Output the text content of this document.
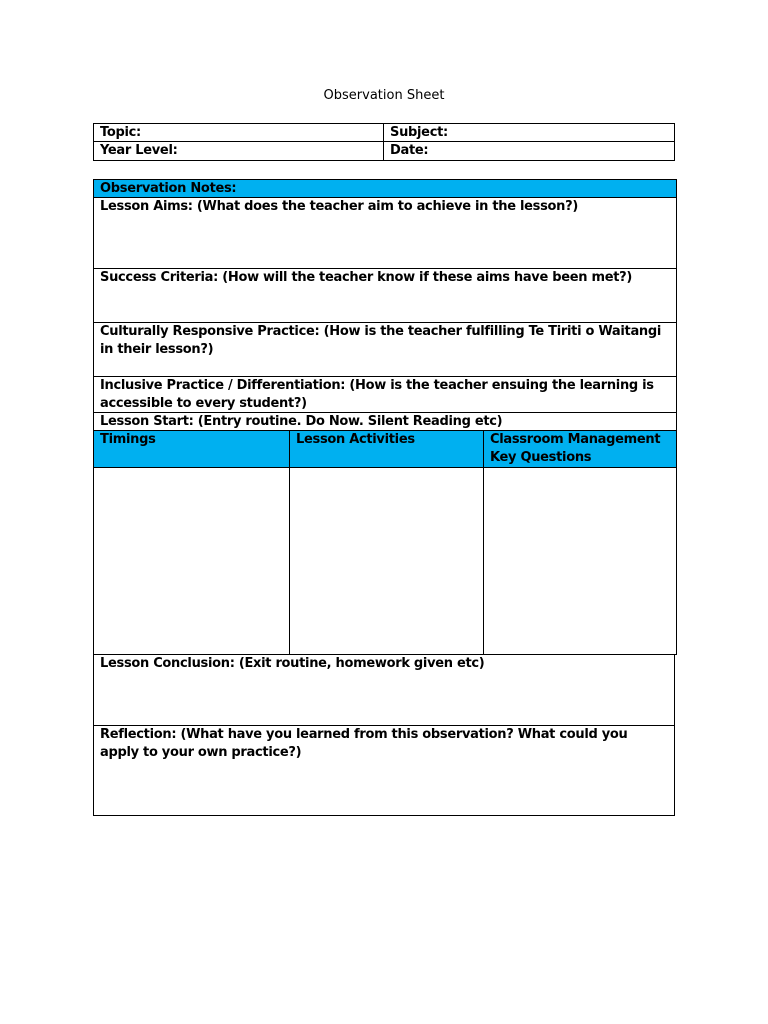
Observation Sheet
Topic:	Subject:
Year Level:	Date:
Observation Notes:
Lesson Aims: (What does the teacher aim to achieve in the lesson?)
Success Criteria: (How will the teacher know if these aims have been met?)
Culturally Responsive Practice: (How is the teacher fulfilling Te Tiriti o Waitangi in their lesson?)
Inclusive Practice / Differentiation: (How is the teacher ensuing the learning is accessible to every student?)
Lesson Start: (Entry routine. Do Now. Silent Reading etc)
Timings	Lesson Activities	Classroom Management
Key Questions
Lesson Conclusion: (Exit routine, homework given etc)
Reflection: (What have you learned from this observation? What could you apply to your own practice?)
